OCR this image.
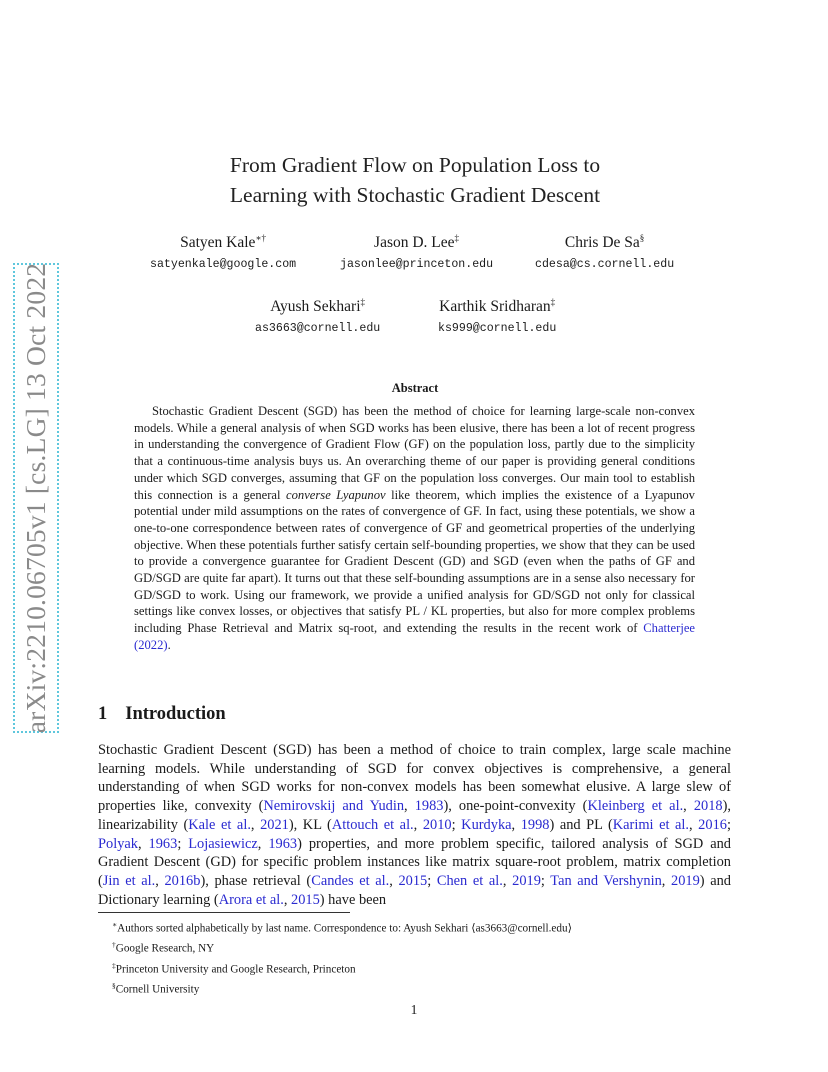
arXiv:2210.06705v1 [cs.LG] 13 Oct 2022
From Gradient Flow on Population Loss to
Learning with Stochastic Gradient Descent
Satyen Kale∗†
satyenkale@google.com
Jason D. Lee‡
jasonlee@princeton.edu
Chris De Sa§
cdesa@cs.cornell.edu
Ayush Sekhari‡
as3663@cornell.edu
Karthik Sridharan‡
ks999@cornell.edu
Abstract

Stochastic Gradient Descent (SGD) has been the method of choice for learning large-scale non-convex models. While a general analysis of when SGD works has been elusive, there has been a lot of recent progress in understanding the convergence of Gradient Flow (GF) on the population loss, partly due to the simplicity that a continuous-time analysis buys us. An overarching theme of our paper is providing general conditions under which SGD converges, assuming that GF on the population loss converges. Our main tool to establish this connection is a general converse Lyapunov like theorem, which implies the existence of a Lyapunov potential under mild assumptions on the rates of convergence of GF. In fact, using these potentials, we show a one-to-one correspondence between rates of convergence of GF and geometrical properties of the underlying objective. When these potentials further satisfy certain self-bounding properties, we show that they can be used to provide a convergence guarantee for Gradient Descent (GD) and SGD (even when the paths of GF and GD/SGD are quite far apart). It turns out that these self-bounding assumptions are in a sense also necessary for GD/SGD to work. Using our framework, we provide a unified analysis for GD/SGD not only for classical settings like convex losses, or objectives that satisfy PL / KL properties, but also for more complex problems including Phase Retrieval and Matrix sq-root, and extending the results in the recent work of Chatterjee (2022).

1 Introduction

Stochastic Gradient Descent (SGD) has been a method of choice to train complex, large scale machine learning models. While understanding of SGD for convex objectives is comprehensive, a general understanding of when SGD works for non-convex models has been somewhat elusive. A large slew of properties like, convexity (Nemirovskij and Yudin, 1983), one-point-convexity (Kleinberg et al., 2018), linearizability (Kale et al., 2021), KL (Attouch et al., 2010; Kurdyka, 1998) and PL (Karimi et al., 2016; Polyak, 1963; Lojasiewicz, 1963) properties, and more problem specific, tailored analysis of SGD and Gradient Descent (GD) for specific problem instances like matrix square-root problem, matrix completion (Jin et al., 2016b), phase retrieval (Candes et al., 2015; Chen et al., 2019; Tan and Vershynin, 2019) and Dictionary learning (Arora et al., 2015) have been

∗Authors sorted alphabetically by last name. Correspondence to: Ayush Sekhari ⟨as3663@cornell.edu⟩
†Google Research, NY
‡Princeton University and Google Research, Princeton
§Cornell University
1
